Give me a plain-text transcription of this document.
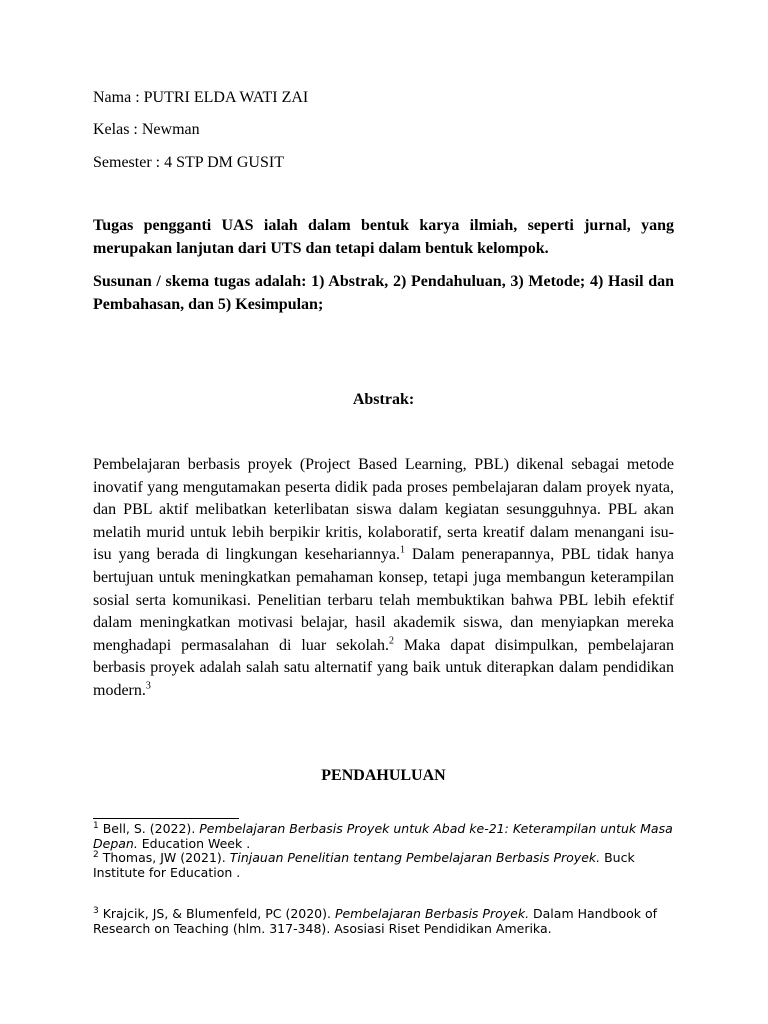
Nama : PUTRI ELDA WATI ZAI
Kelas : Newman
Semester : 4 STP DM GUSIT
Tugas pengganti UAS ialah dalam bentuk karya ilmiah, seperti jurnal, yang merupakan lanjutan dari UTS dan tetapi dalam bentuk kelompok.
Susunan / skema tugas adalah: 1) Abstrak, 2) Pendahuluan, 3) Metode; 4) Hasil dan Pembahasan, dan 5) Kesimpulan;
Abstrak:
Pembelajaran berbasis proyek (Project Based Learning, PBL) dikenal sebagai metode inovatif yang mengutamakan peserta didik pada proses pembelajaran dalam proyek nyata, dan PBL aktif melibatkan keterlibatan siswa dalam kegiatan sesungguhnya. PBL akan melatih murid untuk lebih berpikir kritis, kolaboratif, serta kreatif dalam menangani isu-isu yang berada di lingkungan kesehariannya.$^1$ Dalam penerapannya, PBL tidak hanya bertujuan untuk meningkatkan pemahaman konsep, tetapi juga membangun keterampilan sosial serta komunikasi. Penelitian terbaru telah membuktikan bahwa PBL lebih efektif dalam meningkatkan motivasi belajar, hasil akademik siswa, dan menyiapkan mereka menghadapi permasalahan di luar sekolah.$^2$ Maka dapat disimpulkan, pembelajaran berbasis proyek adalah salah satu alternatif yang baik untuk diterapkan dalam pendidikan modern.$^3$
PENDAHULUAN
$^1$ Bell, S. (2022). Pembelajaran Berbasis Proyek untuk Abad ke-21: Keterampilan untuk Masa Depan. Education Week .
$^2$ Thomas, JW (2021). Tinjauan Penelitian tentang Pembelajaran Berbasis Proyek. Buck Institute for Education .
$^3$ Krajcik, JS, & Blumenfeld, PC (2020). Pembelajaran Berbasis Proyek. Dalam Handbook of Research on Teaching (hlm. 317-348). Asosiasi Riset Pendidikan Amerika.
